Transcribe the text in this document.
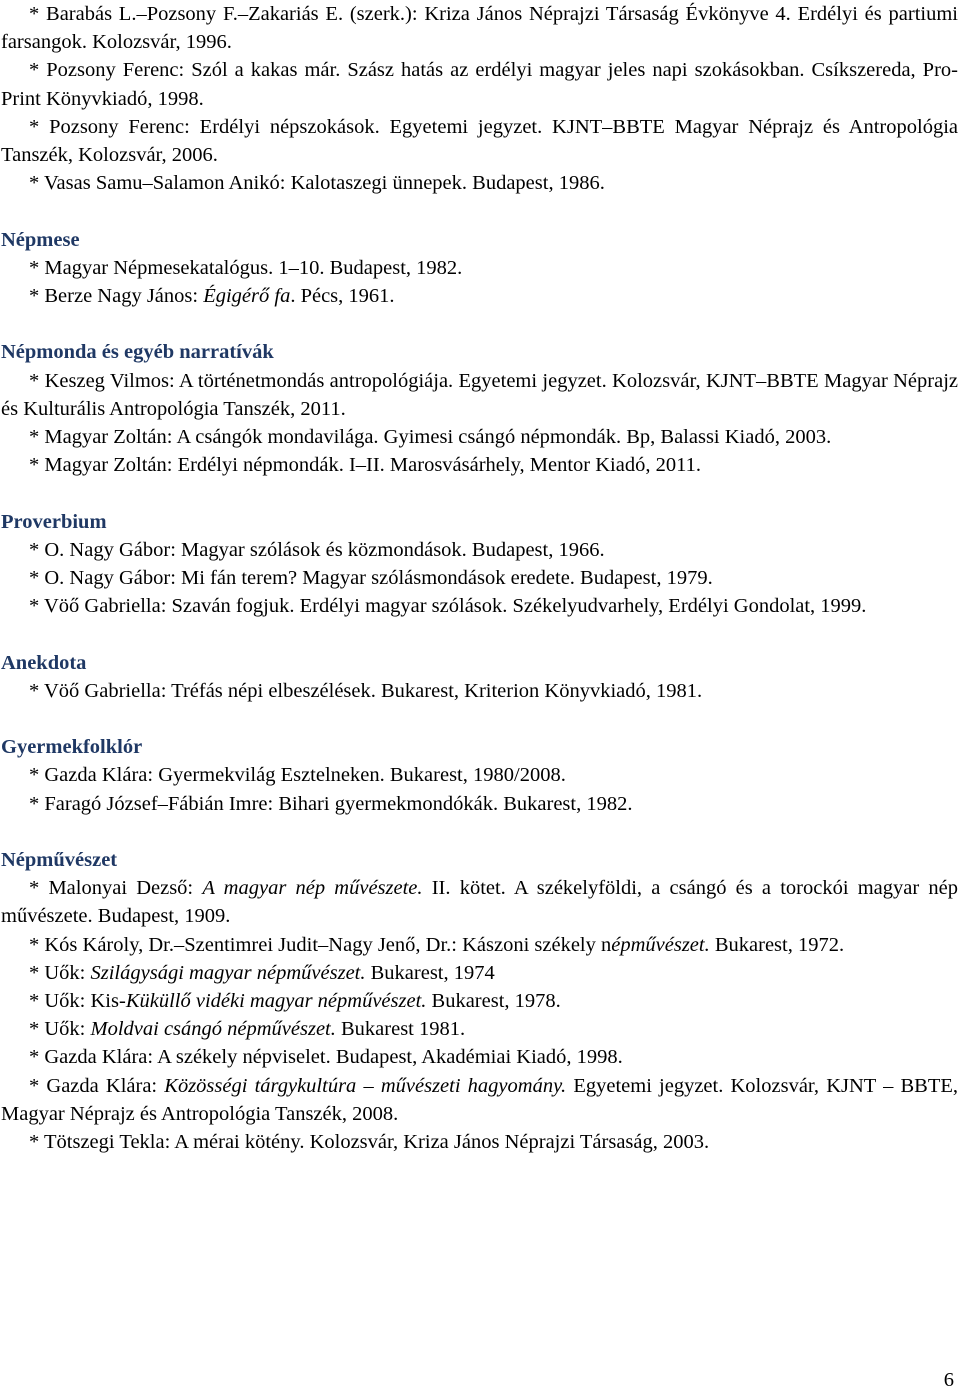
* Barabás L.–Pozsony F.–Zakariás E. (szerk.): Kriza János Néprajzi Társaság Évkönyve 4. Erdélyi és partiumi farsangok. Kolozsvár, 1996.

* Pozsony Ferenc: Szól a kakas már. Szász hatás az erdélyi magyar jeles napi szokásokban. Csíkszereda, Pro-Print Könyvkiadó, 1998.

* Pozsony Ferenc: Erdélyi népszokások. Egyetemi jegyzet. KJNT–BBTE Magyar Néprajz és Antropológia Tanszék, Kolozsvár, 2006.

* Vasas Samu–Salamon Anikó: Kalotaszegi ünnepek. Budapest, 1986.

Népmese

* Magyar Népmesekatalógus. 1–10. Budapest, 1982.

* Berze Nagy János: Égigérő fa. Pécs, 1961.

Népmonda és egyéb narratívák

* Keszeg Vilmos: A történetmondás antropológiája. Egyetemi jegyzet. Kolozsvár, KJNT–BBTE Magyar Néprajz és Kulturális Antropológia Tanszék, 2011.

* Magyar Zoltán: A csángók mondavilága. Gyimesi csángó népmondák. Bp, Balassi Kiadó, 2003.

* Magyar Zoltán: Erdélyi népmondák. I–II. Marosvásárhely, Mentor Kiadó, 2011.

Proverbium

* O. Nagy Gábor: Magyar szólások és közmondások. Budapest, 1966.

* O. Nagy Gábor: Mi fán terem? Magyar szólásmondások eredete. Budapest, 1979.

* Vöő Gabriella: Szaván fogjuk. Erdélyi magyar szólások. Székelyudvarhely, Erdélyi Gondolat, 1999.

Anekdota

* Vöő Gabriella: Tréfás népi elbeszélések. Bukarest, Kriterion Könyvkiadó, 1981.

Gyermekfolklór

* Gazda Klára: Gyermekvilág Esztelneken. Bukarest, 1980/2008.

* Faragó József–Fábián Imre: Bihari gyermekmondókák. Bukarest, 1982.

Népművészet

* Malonyai Dezső: A magyar nép művészete. II. kötet. A székelyföldi, a csángó és a torockói magyar nép művészete. Budapest, 1909.

* Kós Károly, Dr.–Szentimrei Judit–Nagy Jenő, Dr.: Kászoni székely népművészet. Bukarest, 1972.

* Uők: Szilágysági magyar népművészet. Bukarest, 1974

* Uők: Kis-Küküllő vidéki magyar népművészet. Bukarest, 1978.

* Uők: Moldvai csángó népművészet. Bukarest 1981.

* Gazda Klára: A székely népviselet. Budapest, Akadémiai Kiadó, 1998.

* Gazda Klára: Közösségi tárgykultúra – művészeti hagyomány. Egyetemi jegyzet. Kolozsvár, KJNT – BBTE, Magyar Néprajz és Antropológia Tanszék, 2008.

* Tötszegi Tekla: A mérai kötény. Kolozsvár, Kriza János Néprajzi Társaság, 2003.

6
